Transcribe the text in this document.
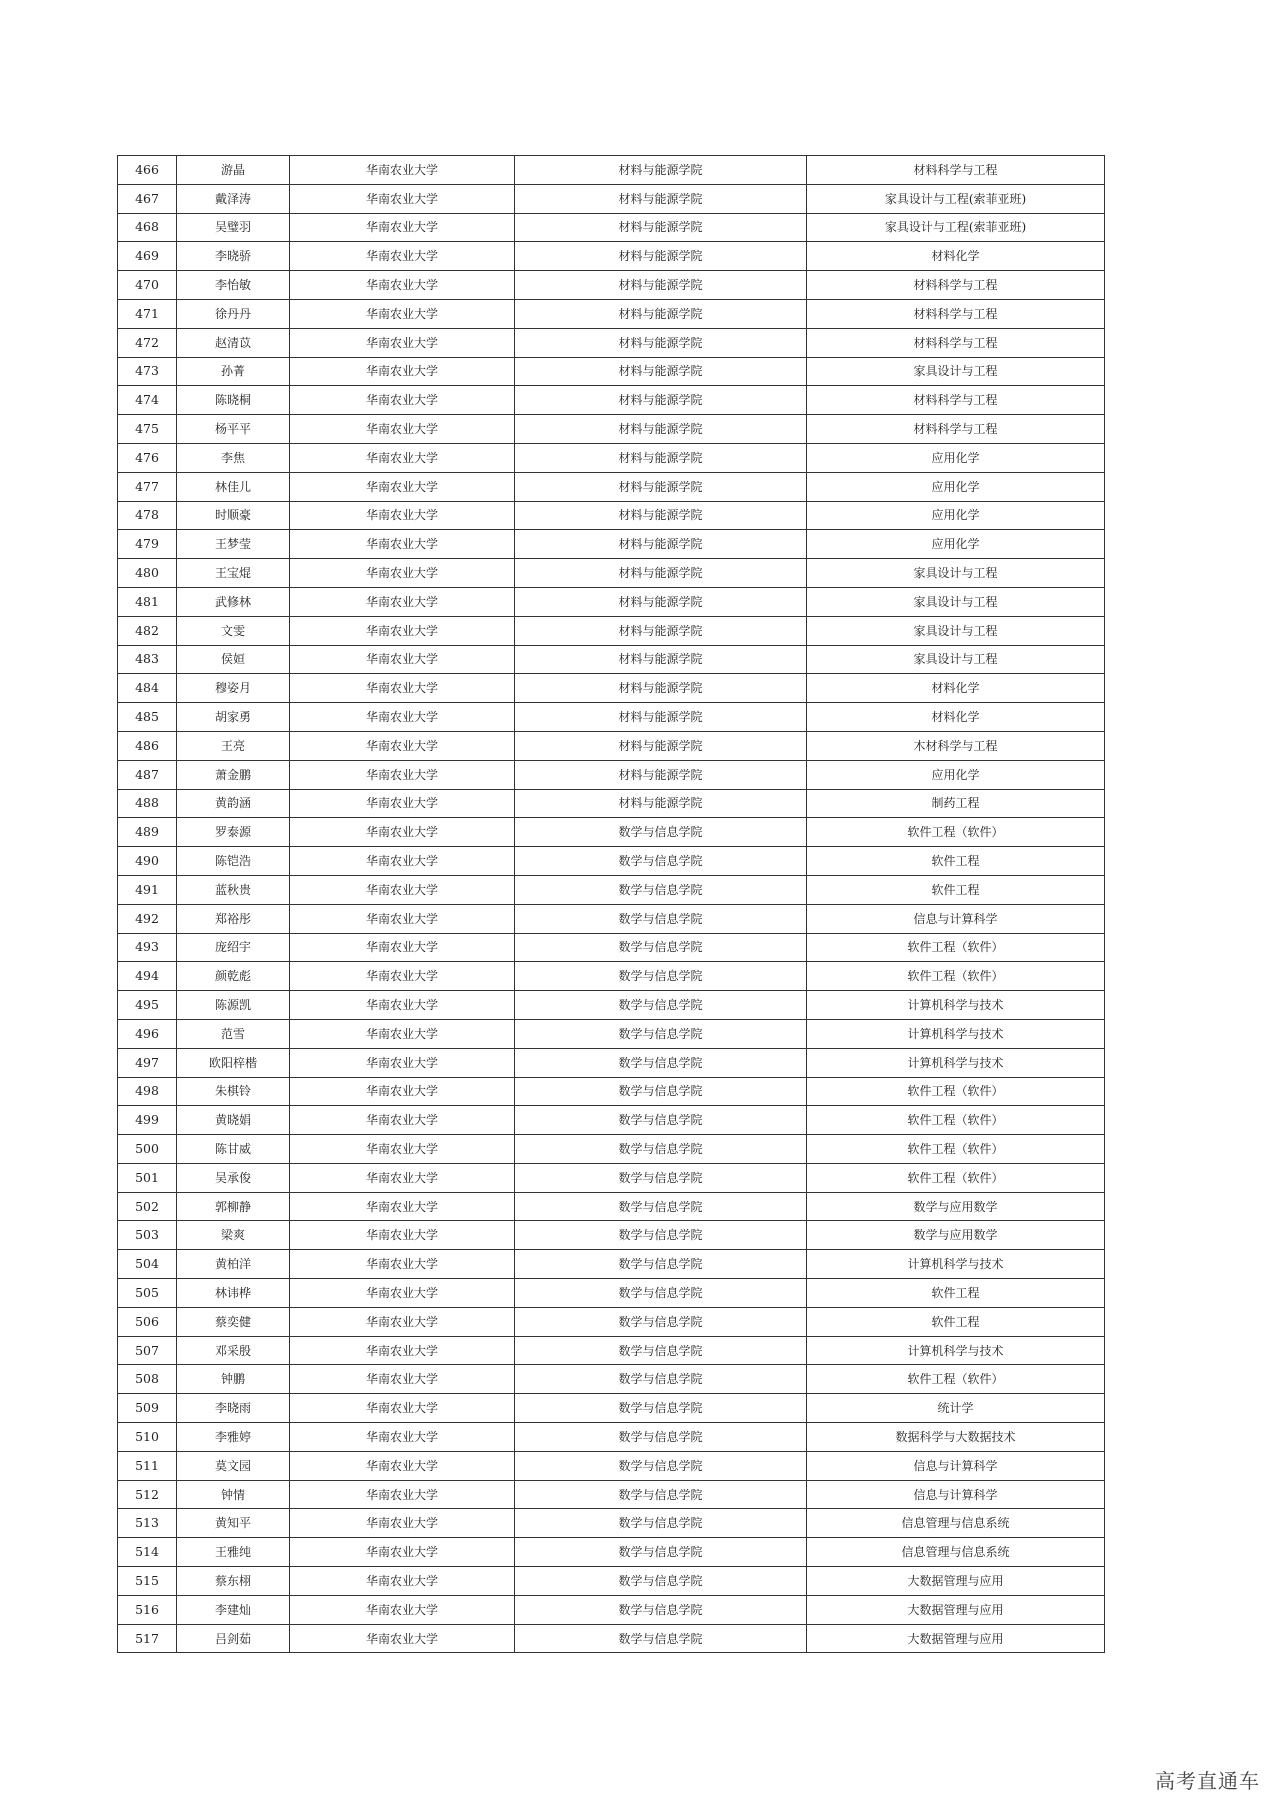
466	游晶	华南农业大学	材料与能源学院	材料科学与工程
467	戴泽涛	华南农业大学	材料与能源学院	家具设计与工程(索菲亚班)
468	吴璧羽	华南农业大学	材料与能源学院	家具设计与工程(索菲亚班)
469	李晓骄	华南农业大学	材料与能源学院	材料化学
470	李怡敏	华南农业大学	材料与能源学院	材料科学与工程
471	徐丹丹	华南农业大学	材料与能源学院	材料科学与工程
472	赵清苡	华南农业大学	材料与能源学院	材料科学与工程
473	孙菁	华南农业大学	材料与能源学院	家具设计与工程
474	陈晓桐	华南农业大学	材料与能源学院	材料科学与工程
475	杨平平	华南农业大学	材料与能源学院	材料科学与工程
476	李焦	华南农业大学	材料与能源学院	应用化学
477	林佳儿	华南农业大学	材料与能源学院	应用化学
478	时顺豪	华南农业大学	材料与能源学院	应用化学
479	王梦莹	华南农业大学	材料与能源学院	应用化学
480	王宝焜	华南农业大学	材料与能源学院	家具设计与工程
481	武修林	华南农业大学	材料与能源学院	家具设计与工程
482	文雯	华南农业大学	材料与能源学院	家具设计与工程
483	侯姮	华南农业大学	材料与能源学院	家具设计与工程
484	穆姿月	华南农业大学	材料与能源学院	材料化学
485	胡家勇	华南农业大学	材料与能源学院	材料化学
486	王亮	华南农业大学	材料与能源学院	木材科学与工程
487	萧金鹏	华南农业大学	材料与能源学院	应用化学
488	黄韵涵	华南农业大学	材料与能源学院	制药工程
489	罗泰源	华南农业大学	数学与信息学院	软件工程（软件）
490	陈铠浩	华南农业大学	数学与信息学院	软件工程
491	蓝秋贵	华南农业大学	数学与信息学院	软件工程
492	郑裕彤	华南农业大学	数学与信息学院	信息与计算科学
493	庞绍宇	华南农业大学	数学与信息学院	软件工程（软件）
494	颜乾彪	华南农业大学	数学与信息学院	软件工程（软件）
495	陈源凯	华南农业大学	数学与信息学院	计算机科学与技术
496	范雪	华南农业大学	数学与信息学院	计算机科学与技术
497	欧阳梓楷	华南农业大学	数学与信息学院	计算机科学与技术
498	朱棋铃	华南农业大学	数学与信息学院	软件工程（软件）
499	黄晓娟	华南农业大学	数学与信息学院	软件工程（软件）
500	陈甘威	华南农业大学	数学与信息学院	软件工程（软件）
501	吴承俊	华南农业大学	数学与信息学院	软件工程（软件）
502	郭柳静	华南农业大学	数学与信息学院	数学与应用数学
503	梁爽	华南农业大学	数学与信息学院	数学与应用数学
504	黄柏洋	华南农业大学	数学与信息学院	计算机科学与技术
505	林讳桦	华南农业大学	数学与信息学院	软件工程
506	蔡奕健	华南农业大学	数学与信息学院	软件工程
507	邓采殷	华南农业大学	数学与信息学院	计算机科学与技术
508	钟鹏	华南农业大学	数学与信息学院	软件工程（软件）
509	李晓雨	华南农业大学	数学与信息学院	统计学
510	李雅婷	华南农业大学	数学与信息学院	数据科学与大数据技术
511	莫文园	华南农业大学	数学与信息学院	信息与计算科学
512	钟情	华南农业大学	数学与信息学院	信息与计算科学
513	黄知平	华南农业大学	数学与信息学院	信息管理与信息系统
514	王雅纯	华南农业大学	数学与信息学院	信息管理与信息系统
515	蔡东栩	华南农业大学	数学与信息学院	大数据管理与应用
516	李建灿	华南农业大学	数学与信息学院	大数据管理与应用
517	吕剑茹	华南农业大学	数学与信息学院	大数据管理与应用
高考直通车
